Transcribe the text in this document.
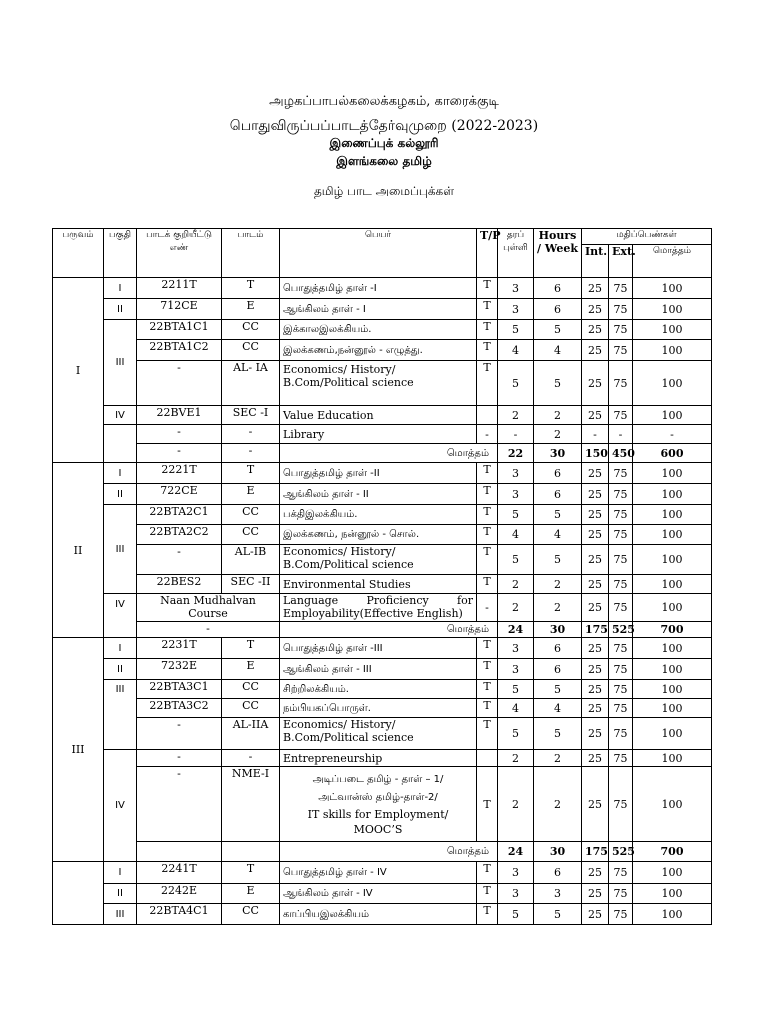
அழகப்பாபல்கலைக்கழகம், காரைக்குடி
பொதுவிருப்பப்பாடத்தேர்வுமுறை (2022-2023)
இணைப்புக் கல்லூரி
இளங்கலை தமிழ்
தமிழ் பாட அமைப்புக்கள்
பருவம்	பகுதி	பாடக் குறியீட்டு எண்	பாடம்	பெயர்	T/P	தரப் புள்ளி	Hours / Week	மதிப்பெண்கள்		
								Int.	Ext.	மொத்தம்
I	I	2211T	T	பொதுத்தமிழ் தாள் -I	T	3	6	25	75	100
	II	712CE	E	ஆங்கிலம் தாள் - I	T	3	6	25	75	100
	III	22BTA1C1	CC	இக்காலஇலக்கியம்.	T	5	5	25	75	100
		22BTA1C2	CC	இலக்கணம்,நன்னூல் - எழுத்து.	T	4	4	25	75	100
		-	AL- IA	Economics/ History/
B.Com/Political science	T	5	5	25	75	100
	IV	22BVE1	SEC -I	Value Education		2	2	25	75	100
		-	-	Library	-	-	2	-	-	-
		-	-	மொத்தம்		22	30	150	450	600
II	I	2221T	T	பொதுத்தமிழ் தாள் -II	T	3	6	25	75	100
	II	722CE	E	ஆங்கிலம் தாள் - II	T	3	6	25	75	100
	III	22BTA2C1	CC	பக்திஇலக்கியம்.	T	5	5	25	75	100
		22BTA2C2	CC	இலக்கணம், நன்னூல் - சொல்.	T	4	4	25	75	100
		-	AL-IB	Economics/ History/
B.Com/Political science	T	5	5	25	75	100
		22BES2	SEC -II	Environmental Studies	T	2	2	25	75	100
	IV	Naan Mudhalvan Course		Language Proficiency for
Employability(Effective English)	-	2	2	25	75	100
		-		மொத்தம்		24	30	175	525	700
III	I	2231T	T	பொதுத்தமிழ் தாள் -III	T	3	6	25	75	100
	II	7232E	E	ஆங்கிலம் தாள் - III	T	3	6	25	75	100
	III	22BTA3C1	CC	சிற்றிலக்கியம்.	T	5	5	25	75	100
		22BTA3C2	CC	நம்பியகப்பொருள்.	T	4	4	25	75	100
		-	AL-IIA	Economics/ History/
B.Com/Political science	T	5	5	25	75	100
	IV	-	-	Entrepreneurship		2	2	25	75	100
		-	NME-I	அடிப்படை தமிழ் - தாள் – 1/
அட்வான்ஸ் தமிழ்-தாள்-2/
IT skills for Employment/
MOOC’S	T	2	2	25	75	100
				மொத்தம்		24	30	175	525	700
	I	2241T	T	பொதுத்தமிழ் தாள் - IV	T	3	6	25	75	100
	II	2242E	E	ஆங்கிலம் தாள் - IV	T	3	3	25	75	100
	III	22BTA4C1	CC	காப்பியஇலக்கியம்	T	5	5	25	75	100
